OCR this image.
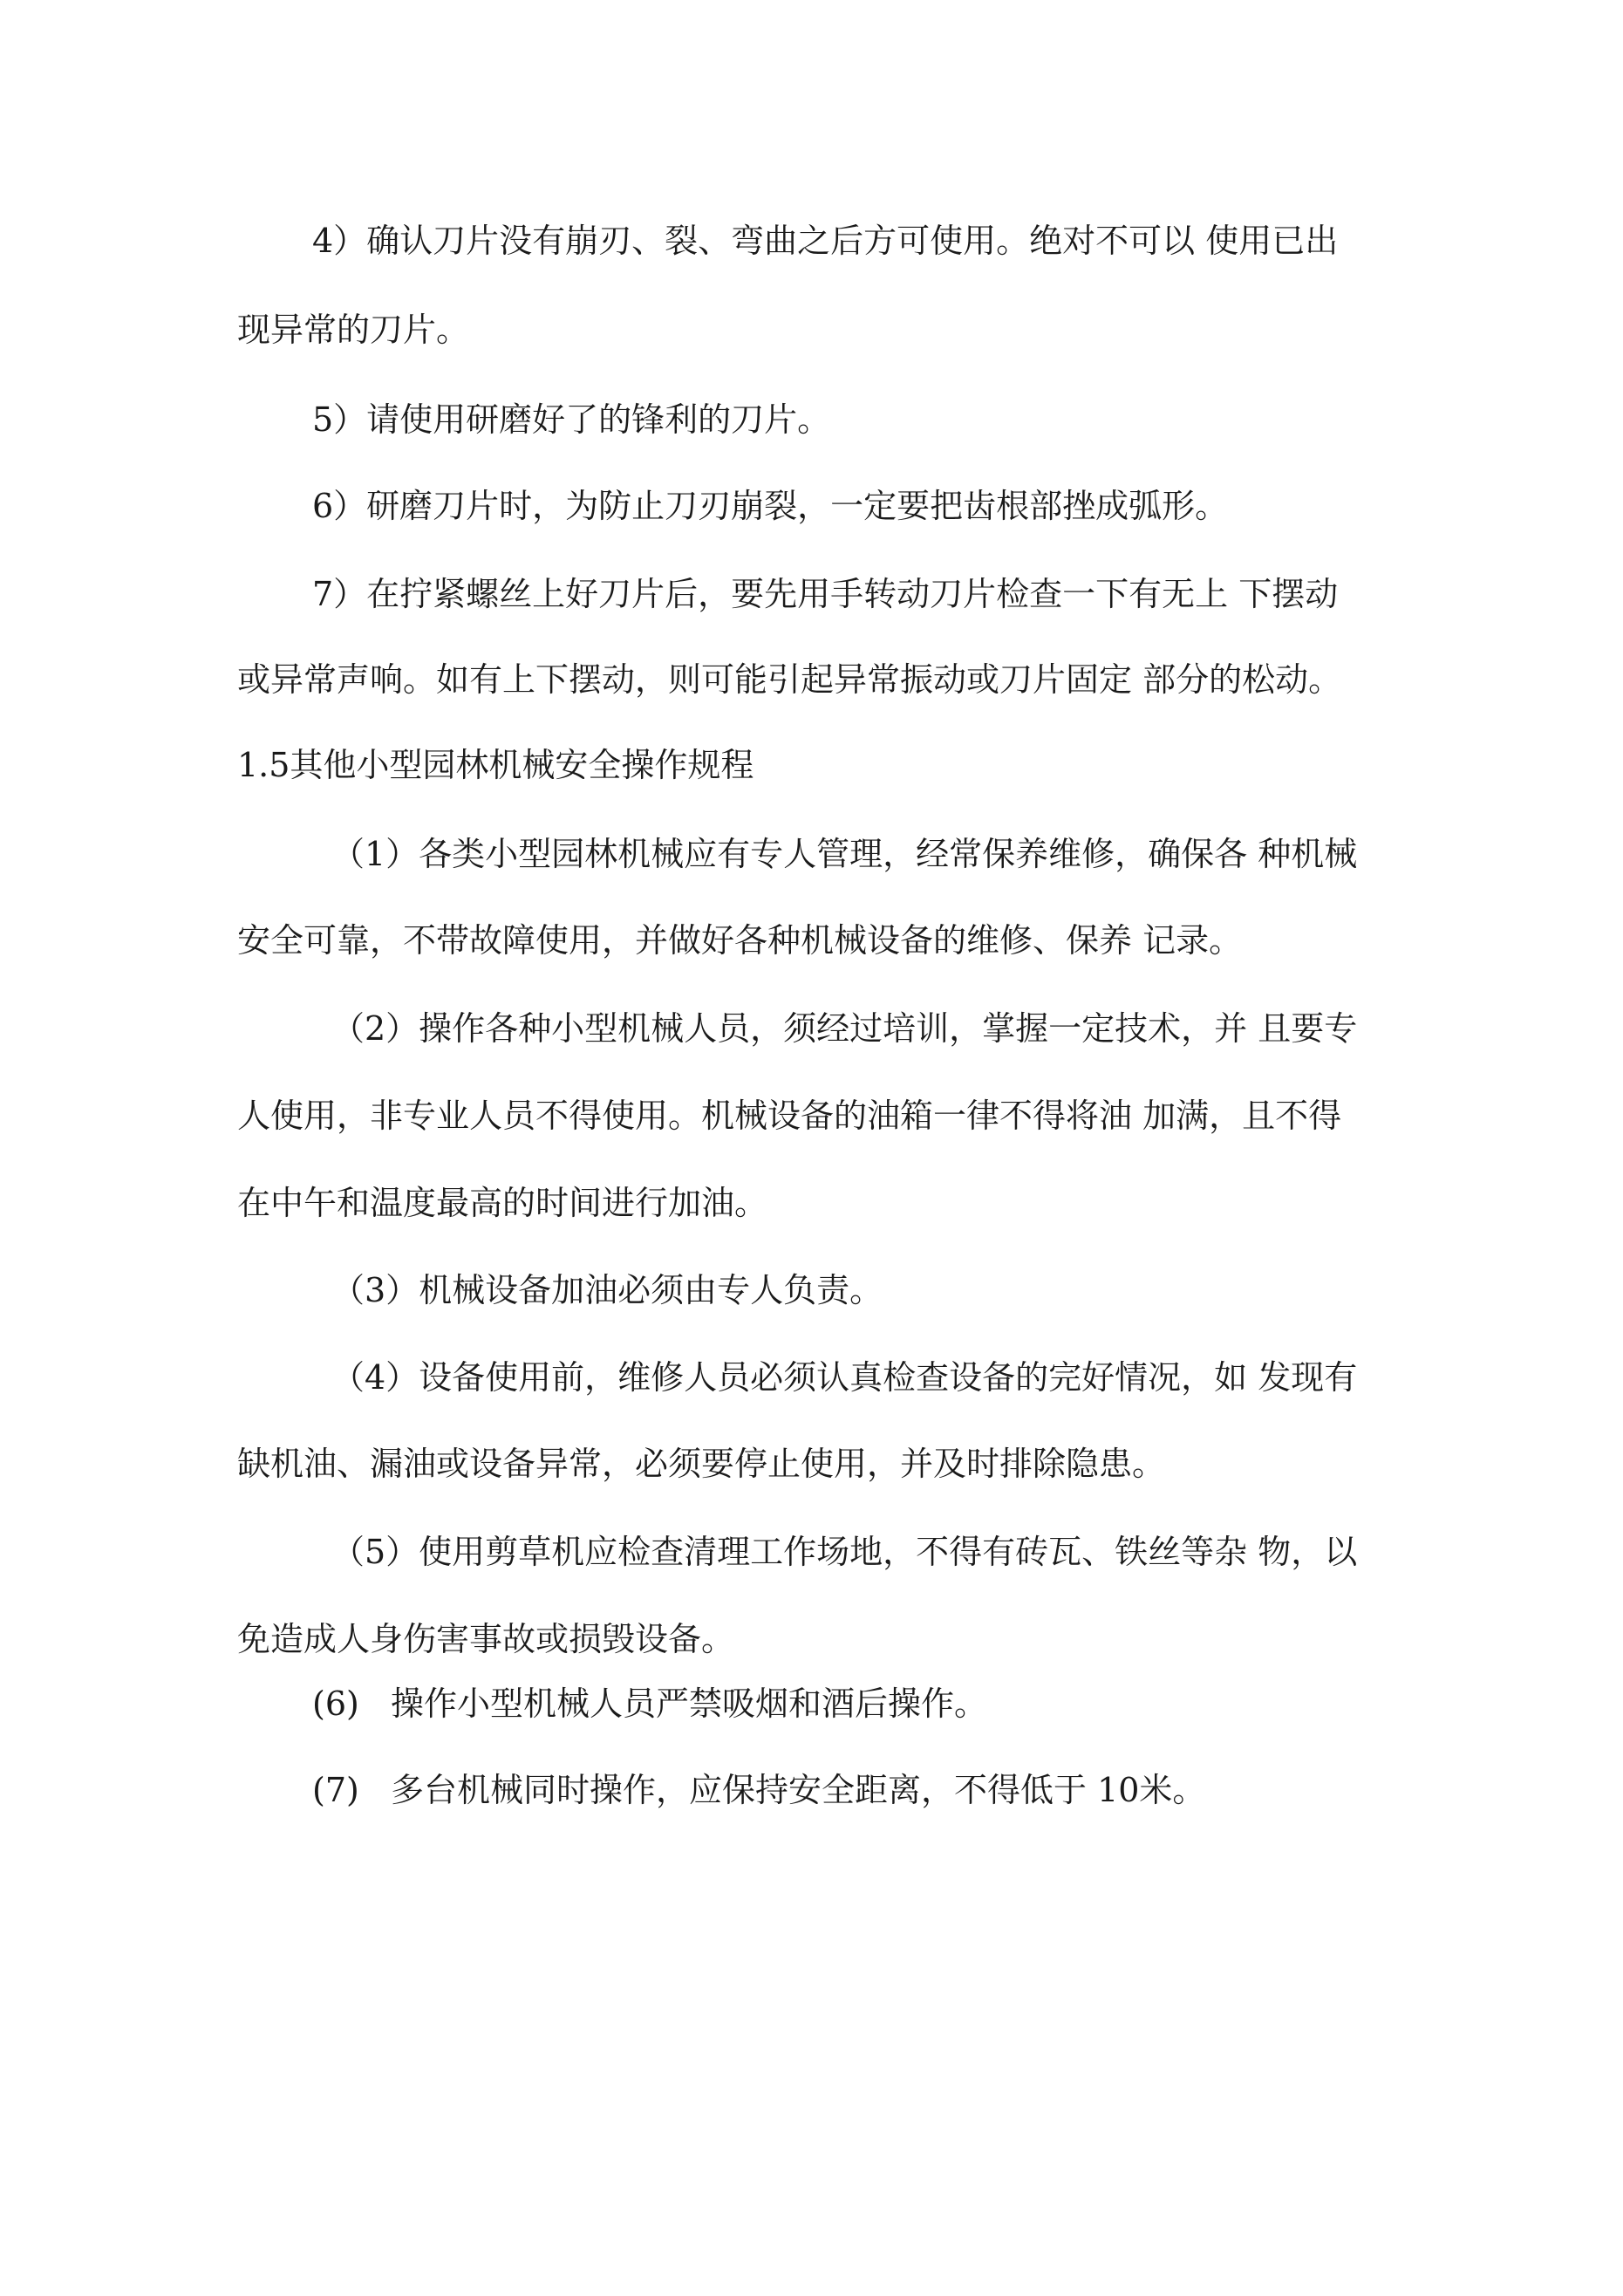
4）确认刀片没有崩刃、裂、弯曲之后方可使用。绝对不可以 使用已出

现异常的刀片。

5）请使用研磨好了的锋利的刀片。

6）研磨刀片时，为防止刀刃崩裂，一定要把齿根部挫成弧形。

7）在拧紧螺丝上好刀片后，要先用手转动刀片检查一下有无上 下摆动

或异常声响。如有上下摆动，则可能引起异常振动或刀片固定 部分的松动。

1.5其他小型园林机械安全操作规程

（1）各类小型园林机械应有专人管理，经常保养维修，确保各 种机械

安全可靠，不带故障使用，并做好各种机械设备的维修、保养 记录。

（2）操作各种小型机械人员，须经过培训，掌握一定技术，并 且要专

人使用，非专业人员不得使用。机械设备的油箱一律不得将油 加满，且不得

在中午和温度最高的时间进行加油。

（3）机械设备加油必须由专人负责。

（4）设备使用前，维修人员必须认真检查设备的完好情况，如 发现有

缺机油、漏油或设备异常，必须要停止使用，并及时排除隐患。

（5）使用剪草机应检查清理工作场地，不得有砖瓦、铁丝等杂 物，以

免造成人身伤害事故或损毁设备。

(6) 操作小型机械人员严禁吸烟和酒后操作。

(7) 多台机械同时操作，应保持安全距离，不得低于 10米。
